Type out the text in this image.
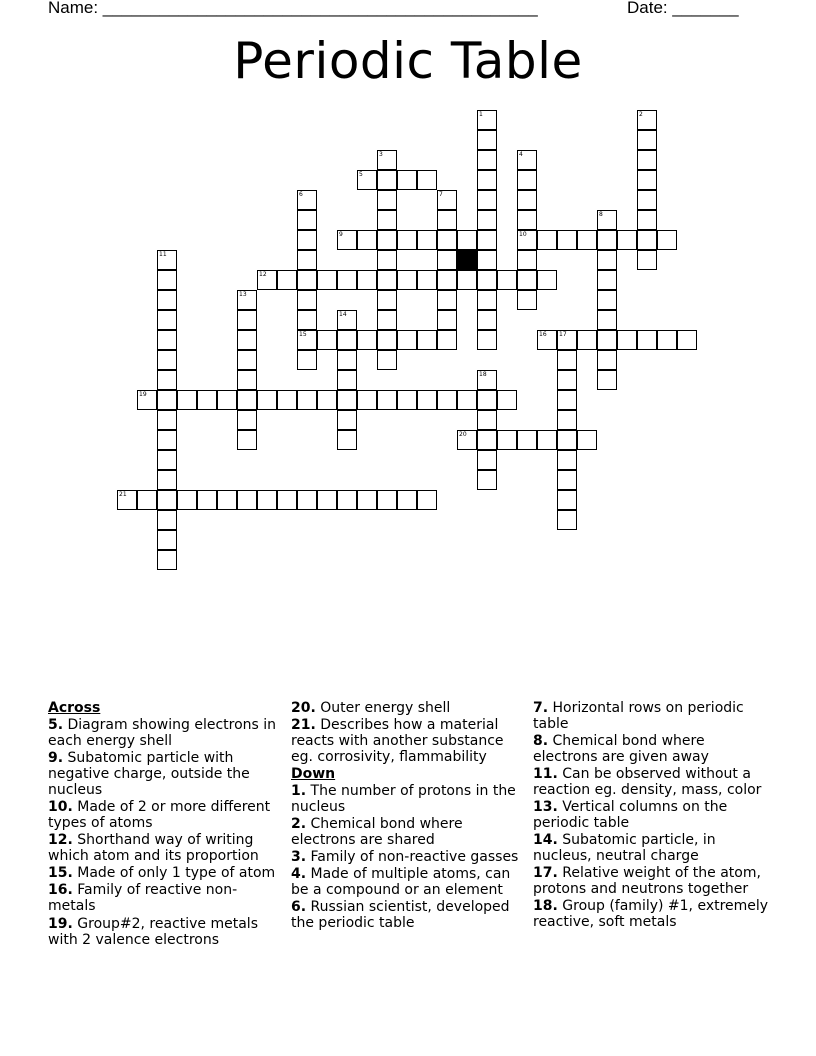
Name: ______________________________________________	Date: _______
Periodic Table
1	2
3	4
10
5
6
15
7
8
9
11
12
13
14
16 17
18
19
20
21
Across
5. Diagram showing electrons in each energy shell
9. Subatomic particle with negative charge, outside the nucleus
10. Made of 2 or more different types of atoms
12. Shorthand way of writing which atom and its proportion
15. Made of only 1 type of atom
16. Family of reactive non-metals
19. Group#2, reactive metals with 2 valence electrons
20. Outer energy shell
21. Describes how a material reacts with another substance eg. corrosivity, flammability
Down
1. The number of protons in the nucleus
2. Chemical bond where electrons are shared
3. Family of non-reactive gasses
4. Made of multiple atoms, can be a compound or an element
6. Russian scientist, developed the periodic table
7. Horizontal rows on periodic table
8. Chemical bond where electrons are given away
11. Can be observed without a reaction eg. density, mass, color
13. Vertical columns on the periodic table
14. Subatomic particle, in nucleus, neutral charge
17. Relative weight of the atom, protons and neutrons together
18. Group (family) #1, extremely reactive, soft metals
